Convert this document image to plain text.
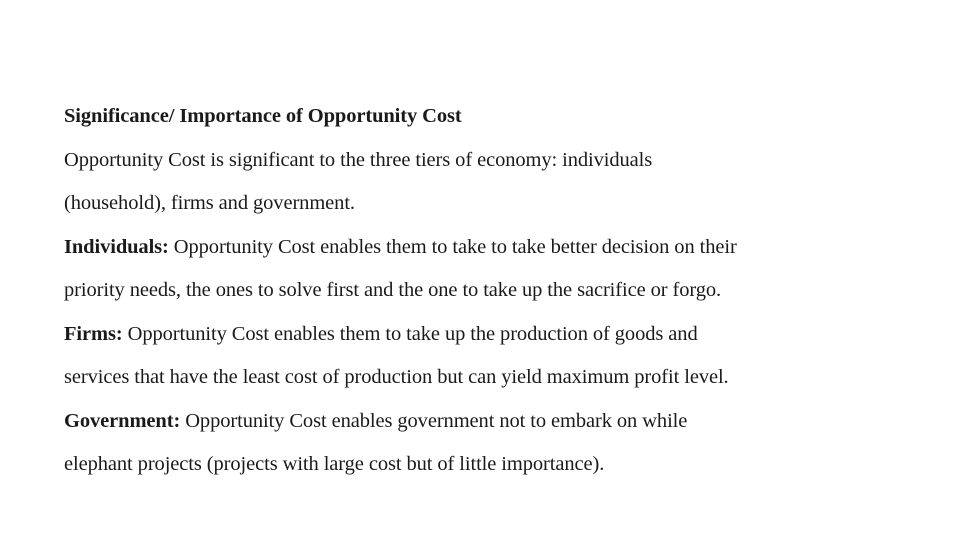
Significance/ Importance of Opportunity Cost
Opportunity Cost is significant to the three tiers of economy: individuals
(household), firms and government.
Individuals: Opportunity Cost enables them to take to take better decision on their
priority needs, the ones to solve first and the one to take up the sacrifice or forgo.
Firms: Opportunity Cost enables them to take up the production of goods and
services that have the least cost of production but can yield maximum profit level.
Government: Opportunity Cost enables government not to embark on while
elephant projects (projects with large cost but of little importance).
